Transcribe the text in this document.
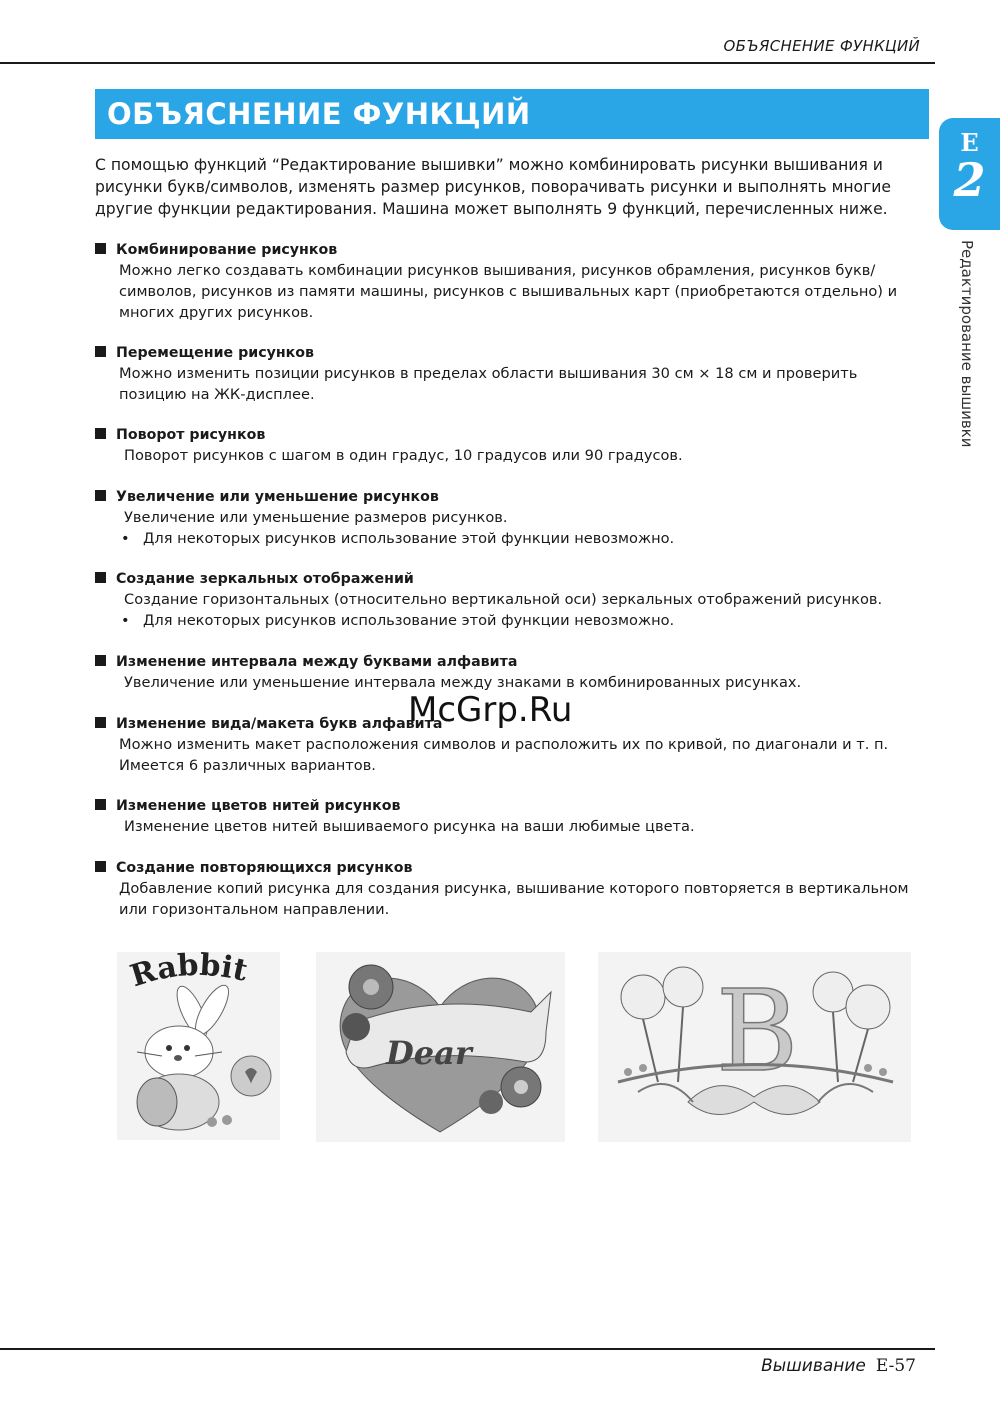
ОБЪЯСНЕНИЕ ФУНКЦИЙ
ОБЪЯСНЕНИЕ ФУНКЦИЙ
E
2
Редактирование вышивки
С помощью функций “Редактирование вышивки” можно комбинировать рисунки вышивания и рисунки букв/символов, изменять размер рисунков, поворачивать рисунки и выполнять многие другие функции редактирования. Машина может выполнять 9 функций, перечисленных ниже.
Комбинирование рисунков
Можно легко создавать комбинации рисунков вышивания, рисунков обрамления, рисунков букв/символов, рисунков из памяти машины, рисунков с вышивальных карт (приобретаются отдельно) и многих других рисунков.
Перемещение рисунков
Можно изменить позиции рисунков в пределах области вышивания 30 см × 18 см и проверить позицию на ЖК-дисплее.
Поворот рисунков
Поворот рисунков с шагом в один градус, 10 градусов или 90 градусов.
Увеличение или уменьшение рисунков
Увеличение или уменьшение размеров рисунков.
• Для некоторых рисунков использование этой функции невозможно.
Создание зеркальных отображений
Создание горизонтальных (относительно вертикальной оси) зеркальных отображений рисунков.
• Для некоторых рисунков использование этой функции невозможно.
Изменение интервала между буквами алфавита
Увеличение или уменьшение интервала между знаками в комбинированных рисунках.
Изменение вида/макета букв алфавита
Можно изменить макет расположения символов и расположить их по кривой, по диагонали и т. п. Имеется 6 различных вариантов.
Изменение цветов нитей рисунков
Изменение цветов нитей вышиваемого рисунка на ваши любимые цвета.
Создание повторяющихся рисунков
Добавление копий рисунка для создания рисунка, вышивание которого повторяется в вертикальном или горизонтальном направлении.
McGrp.Ru
Rabbit
Dear B
Вышивание E-57
